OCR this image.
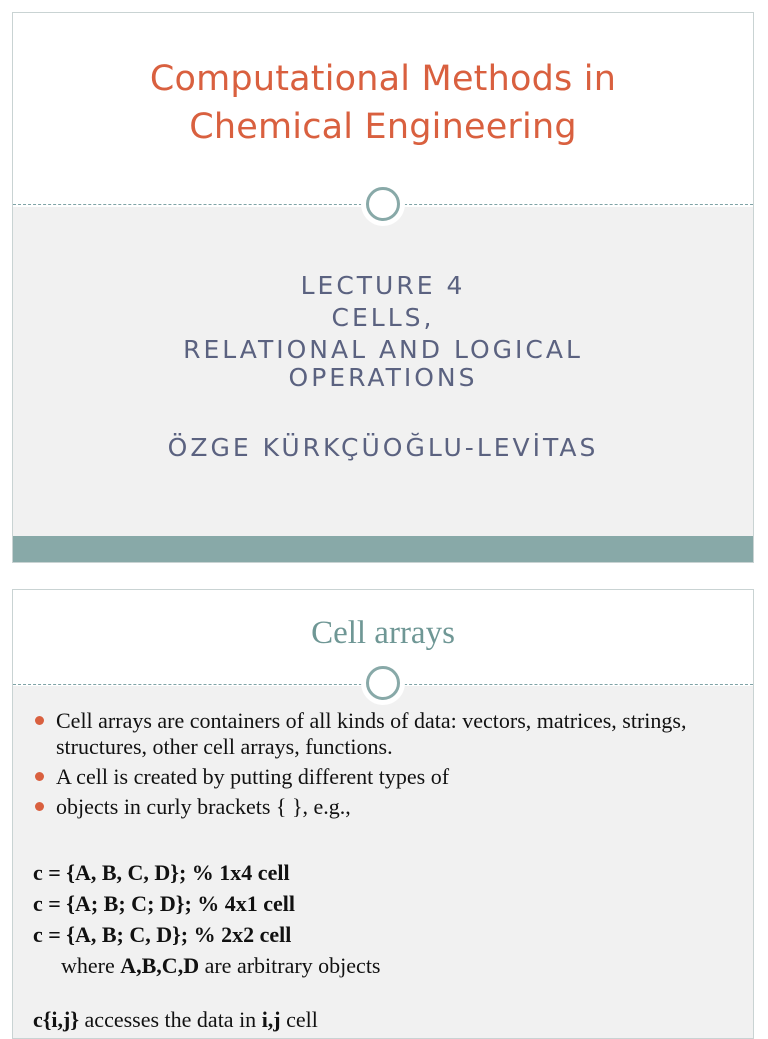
Computational Methods in
Chemical Engineering
LECTURE 4
CELLS,
RELATIONAL AND LOGICAL
OPERATIONS
ÖZGE KÜRKÇÜOĞLU-LEVİTAS
Cell arrays
Cell arrays are containers of all kinds of data: vectors, matrices, strings, structures, other cell arrays, functions.
A cell is created by putting different types of
objects in curly brackets { }, e.g.,
c = {A, B, C, D}; % 1x4 cell
c = {A; B; C; D}; % 4x1 cell
c = {A, B; C, D}; % 2x2 cell
where A,B,C,D are arbitrary objects
c{i,j} accesses the data in i,j cell
